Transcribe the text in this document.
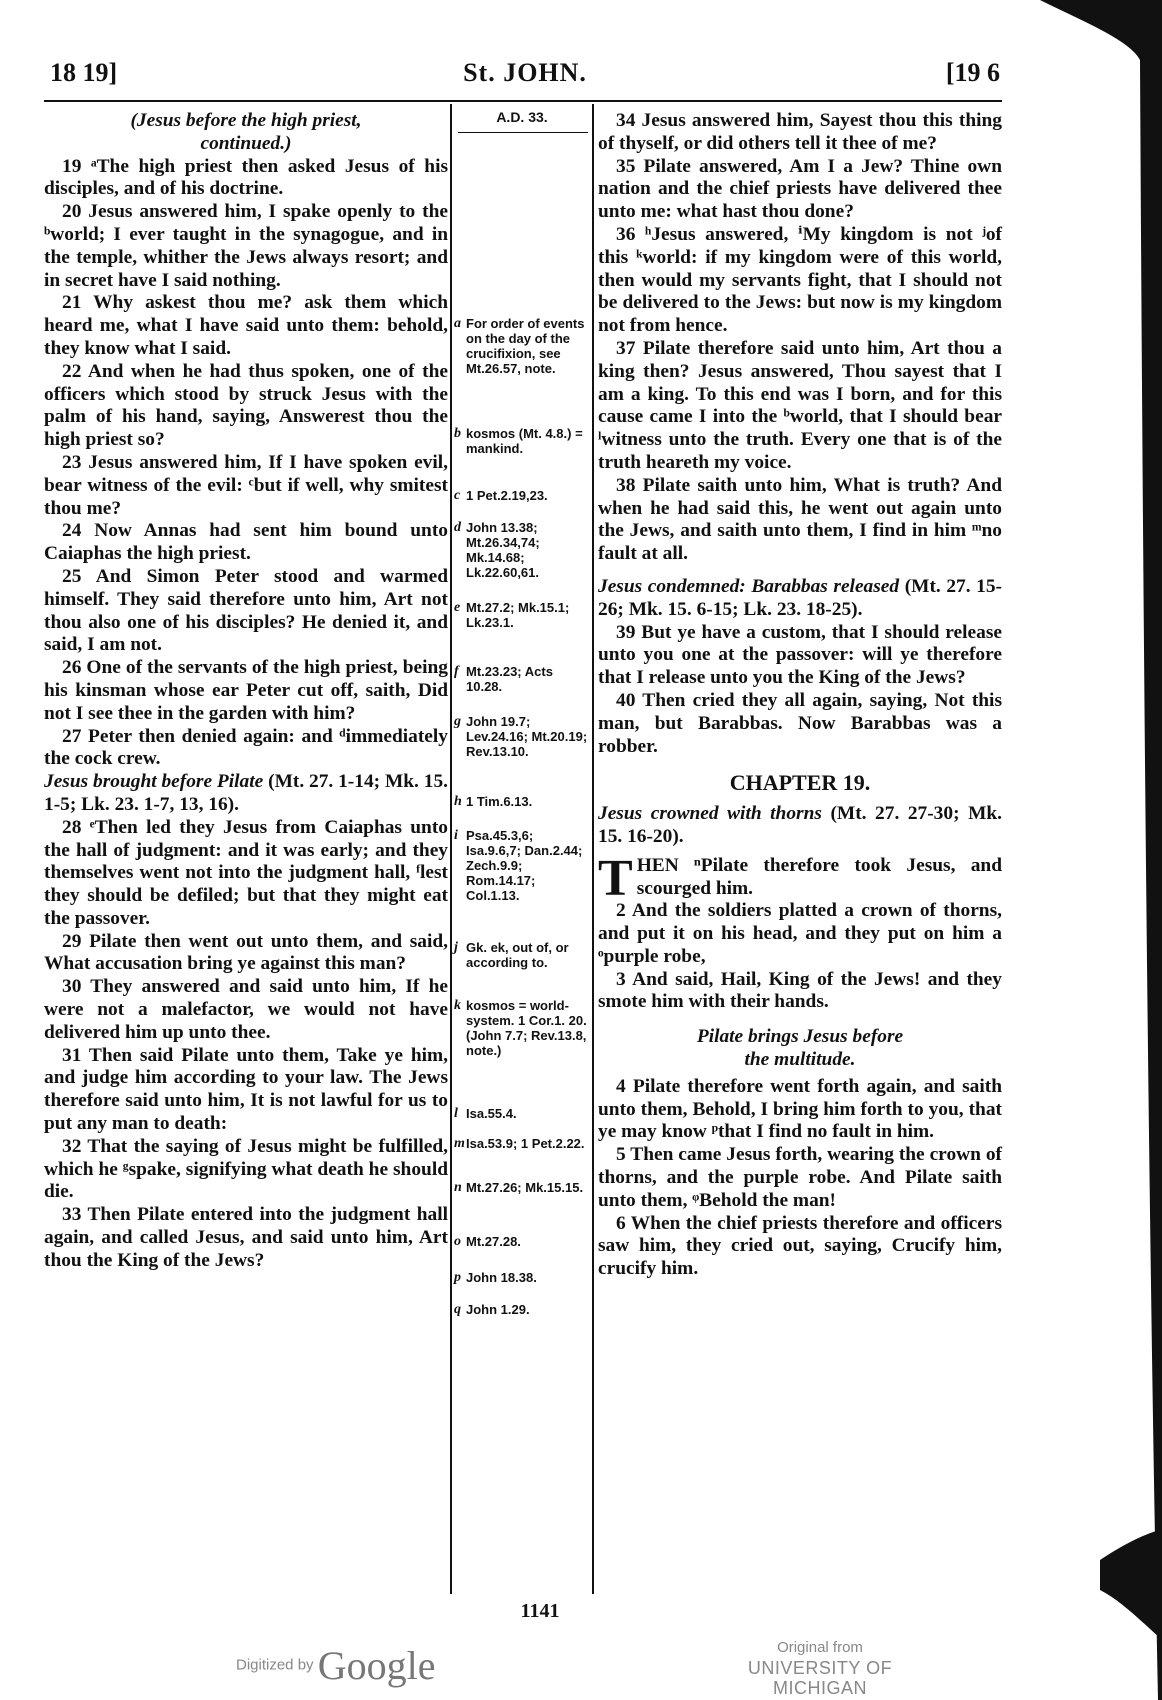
18 19]	St. JOHN.	[19 6
(Jesus before the high priest,
continued.)

19 ᵃThe high priest then asked Jesus of his disciples, and of his doctrine.

20 Jesus answered him, I spake openly to the ᵇworld; I ever taught in the synagogue, and in the temple, whither the Jews always resort; and in secret have I said nothing.

21 Why askest thou me? ask them which heard me, what I have said unto them: behold, they know what I said.

22 And when he had thus spoken, one of the officers which stood by struck Jesus with the palm of his hand, saying, Answerest thou the high priest so?

23 Jesus answered him, If I have spoken evil, bear witness of the evil: ᶜbut if well, why smitest thou me?

24 Now Annas had sent him bound unto Caiaphas the high priest.

25 And Simon Peter stood and warmed himself. They said therefore unto him, Art not thou also one of his disciples? He denied it, and said, I am not.

26 One of the servants of the high priest, being his kinsman whose ear Peter cut off, saith, Did not I see thee in the garden with him?

27 Peter then denied again: and ᵈimmediately the cock crew.

Jesus brought before Pilate (Mt. 27. 1-14; Mk. 15. 1-5; Lk. 23. 1-7, 13, 16).

28 ᵉThen led they Jesus from Caiaphas unto the hall of judgment: and it was early; and they themselves went not into the judgment hall, ᶠlest they should be defiled; but that they might eat the passover.

29 Pilate then went out unto them, and said, What accusation bring ye against this man?

30 They answered and said unto him, If he were not a malefactor, we would not have delivered him up unto thee.

31 Then said Pilate unto them, Take ye him, and judge him according to your law. The Jews therefore said unto him, It is not lawful for us to put any man to death:

32 That the saying of Jesus might be fulfilled, which he ᵍspake, signifying what death he should die.

33 Then Pilate entered into the judgment hall again, and called Jesus, and said unto him, Art thou the King of the Jews?

A.D. 33.
a For order of events on the day of the crucifixion, see Mt.26.57, note.
b kosmos (Mt. 4.8.) = mankind.
c 1 Pet.2.19,23.
d John 13.38; Mt.26.34,74; Mk.14.68; Lk.22.60,61.
e Mt.27.2; Mk.15.1; Lk.23.1.
f Mt.23.23; Acts 10.28.
g John 19.7; Lev.24.16; Mt.20.19; Rev.13.10.
h 1 Tim.6.13.
i Psa.45.3,6; Isa.9.6,7; Dan.2.44; Zech.9.9; Rom.14.17; Col.1.13.
j Gk. ek, out of, or according to.
k kosmos = world-system. 1 Cor.1. 20. (John 7.7; Rev.13.8, note.)
l Isa.55.4.
m Isa.53.9; 1 Pet.2.22.
n Mt.27.26; Mk.15.15.
o Mt.27.28.
p John 18.38.
q John 1.29.

34 Jesus answered him, Sayest thou this thing of thyself, or did others tell it thee of me?

35 Pilate answered, Am I a Jew? Thine own nation and the chief priests have delivered thee unto me: what hast thou done?

36 ʰJesus answered, ⁱMy kingdom is not ʲof this ᵏworld: if my kingdom were of this world, then would my servants fight, that I should not be delivered to the Jews: but now is my kingdom not from hence.

37 Pilate therefore said unto him, Art thou a king then? Jesus answered, Thou sayest that I am a king. To this end was I born, and for this cause came I into the ᵇworld, that I should bear ˡwitness unto the truth. Every one that is of the truth heareth my voice.

38 Pilate saith unto him, What is truth? And when he had said this, he went out again unto the Jews, and saith unto them, I find in him ᵐno fault at all.

Jesus condemned: Barabbas released (Mt. 27. 15-26; Mk. 15. 6-15; Lk. 23. 18-25).

39 But ye have a custom, that I should release unto you one at the passover: will ye therefore that I release unto you the King of the Jews?

40 Then cried they all again, saying, Not this man, but Barabbas. Now Barabbas was a robber.

CHAPTER 19.

Jesus crowned with thorns (Mt. 27. 27-30; Mk. 15. 16-20).

T HEN ⁿPilate therefore took Jesus, and scourged him.

2 And the soldiers platted a crown of thorns, and put it on his head, and they put on him a ᵒpurple robe,

3 And said, Hail, King of the Jews! and they smote him with their hands.

Pilate brings Jesus before
the multitude.

4 Pilate therefore went forth again, and saith unto them, Behold, I bring him forth to you, that ye may know ᵖthat I find no fault in him.

5 Then came Jesus forth, wearing the crown of thorns, and the purple robe. And Pilate saith unto them, ᵠBehold the man!

6 When the chief priests therefore and officers saw him, they cried out, saying, Crucify him, crucify him.

1141
Digitized by Google	Original from
UNIVERSITY OF MICHIGAN
